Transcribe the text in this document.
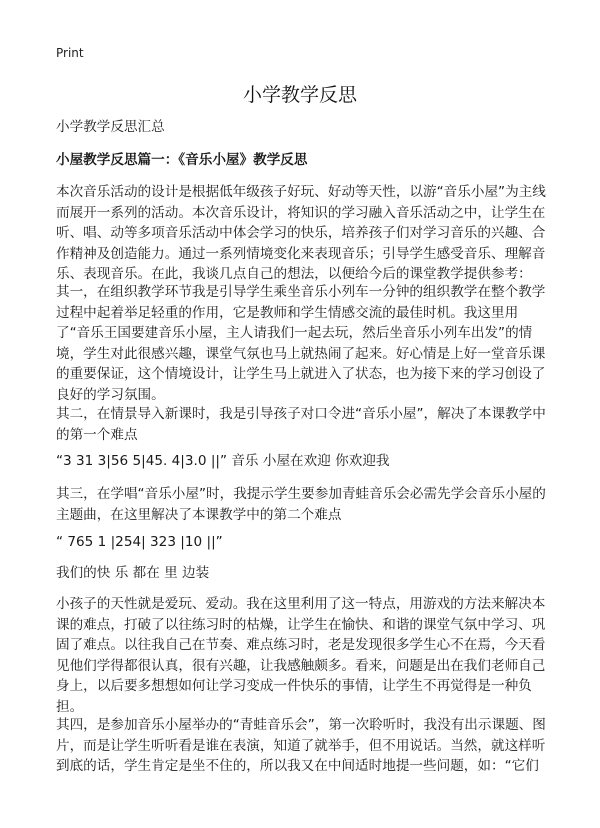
Print
小学教学反思

小学教学反思汇总

小屋教学反思篇一：《音乐小屋》教学反思

本次音乐活动的设计是根据低年级孩子好玩、好动等天性，以游“音乐小屋”为主线而展开一系列的活动。本次音乐设计，将知识的学习融入音乐活动之中，让学生在听、唱、动等多项音乐活动中体会学习的快乐，培养孩子们对学习音乐的兴趣、合作精神及创造能力。通过一系列情境变化来表现音乐；引导学生感受音乐、理解音乐、表现音乐。在此，我谈几点自己的想法，以便给今后的课堂教学提供参考：

其一，在组织教学环节我是引导学生乘坐音乐小列车一分钟的组织教学在整个教学过程中起着举足轻重的作用，它是教师和学生情感交流的最佳时机。我这里用了“音乐王国要建音乐小屋，主人请我们一起去玩，然后坐音乐小列车出发”的情境，学生对此很感兴趣，课堂气氛也马上就热闹了起来。好心情是上好一堂音乐课的重要保证，这个情境设计，让学生马上就进入了状态，也为接下来的学习创设了良好的学习氛围。

其二，在情景导入新课时，我是引导孩子对口令进“音乐小屋”，解决了本课教学中的第一个难点

“3 31 3|56 5|45. 4|3.0 ||” 音乐 小屋在欢迎 你欢迎我

其三，在学唱“音乐小屋”时，我提示学生要参加青蛙音乐会必需先学会音乐小屋的主题曲，在这里解决了本课教学中的第二个难点

“ 765 1 |254| 323 |10 ||”

我们的快 乐 都在 里 边装

小孩子的天性就是爱玩、爱动。我在这里利用了这一特点，用游戏的方法来解决本课的难点，打破了以往练习时的枯燥，让学生在愉快、和谐的课堂气氛中学习、巩固了难点。以往我自己在节奏、难点练习时，老是发现很多学生心不在焉，今天看见他们学得都很认真，很有兴趣，让我感触颇多。看来，问题是出在我们老师自己身上，以后要多想想如何让学习变成一件快乐的事情，让学生不再觉得是一种负担。

其四，是参加音乐小屋举办的“青蛙音乐会”，第一次聆听时，我没有出示课题、图片，而是让学生听听看是谁在表演，知道了就举手，但不用说话。当然，就这样听到底的话，学生肯定是坐不住的，所以我又在中间适时地提一些问题，如：“它们
